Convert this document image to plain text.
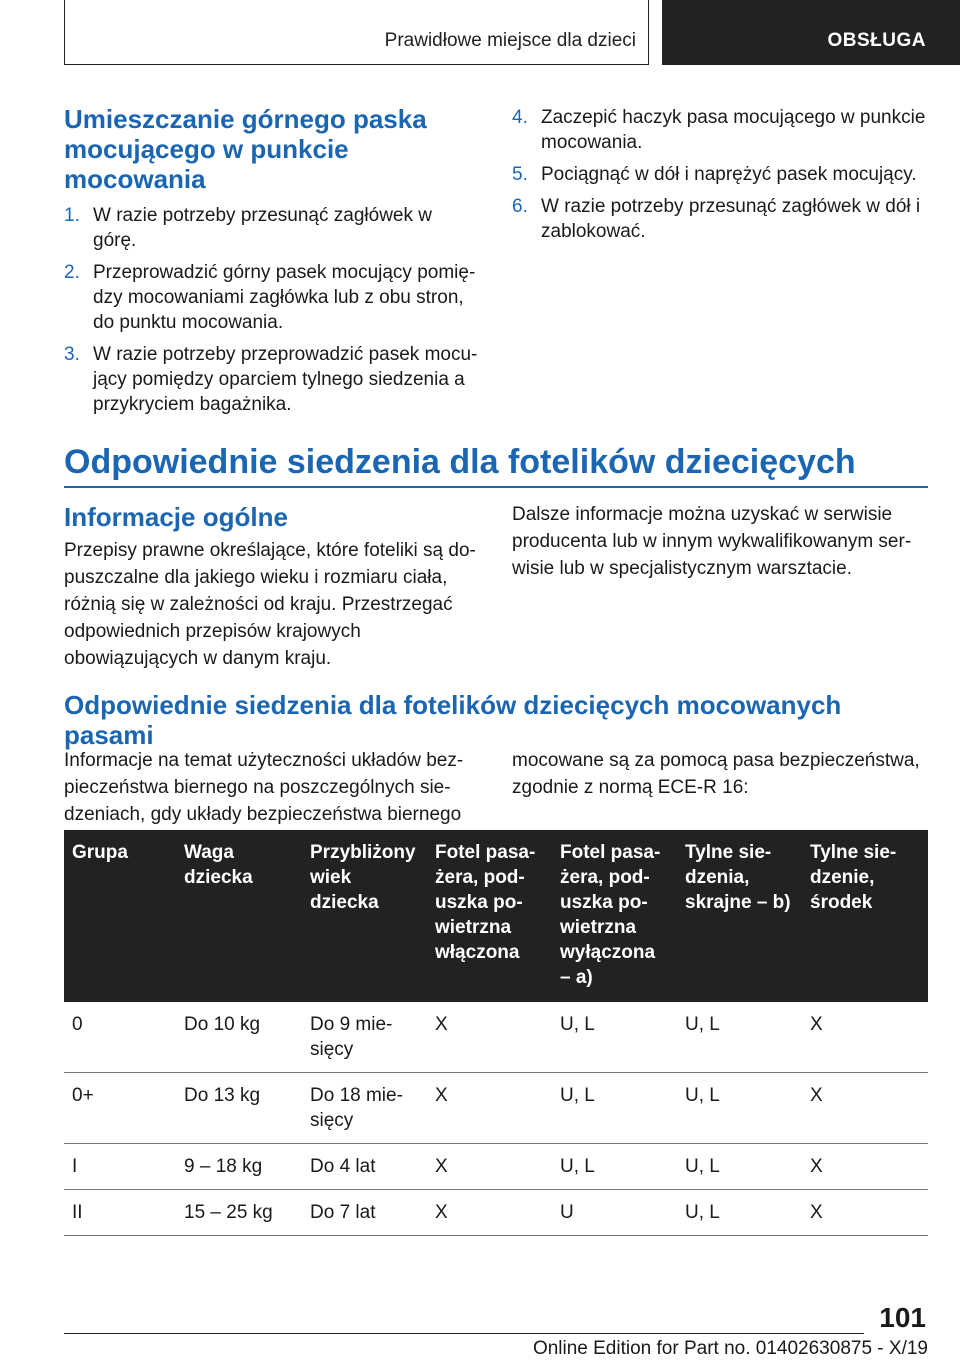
Prawidłowe miejsce dla dzieci	OBSŁUGA
Umieszczanie górnego paska mocującego w punkcie mocowania
1. W razie potrzeby przesunąć zagłówek w górę.
2. Przeprowadzić górny pasek mocujący pomiędzy mocowaniami zagłówka lub z obu stron, do punktu mocowania.
3. W razie potrzeby przeprowadzić pasek mocujący pomiędzy oparciem tylnego siedzenia a przykryciem bagażnika.
4. Zaczepić haczyk pasa mocującego w punkcie mocowania.
5. Pociągnąć w dół i naprężyć pasek mocujący.
6. W razie potrzeby przesunąć zagłówek w dół i zablokować.
Odpowiednie siedzenia dla fotelików dziecięcych
Informacje ogólne

Przepisy prawne określające, które foteliki są dopuszczalne dla jakiego wieku i rozmiaru ciała, różnią się w zależności od kraju. Przestrzegać odpowiednich przepisów krajowych obowiązujących w danym kraju.

Dalsze informacje można uzyskać w serwisie producenta lub w innym wykwalifikowanym serwisie lub w specjalistycznym warsztacie.

Odpowiednie siedzenia dla fotelików dziecięcych mocowanych pasami

Informacje na temat użyteczności układów bezpieczeństwa biernego na poszczególnych siedzeniach, gdy układy bezpieczeństwa biernego

mocowane są za pomocą pasa bezpieczeństwa, zgodnie z normą ECE-R 16:

Grupa	Waga dziecka	Przybliżony wiek dziecka	Fotel pasażera, poduszka powietrzna włączona	Fotel pasażera, poduszka powietrzna wyłączona – a)	Tylne siedzenia, skrajne – b)	Tylne siedzenie, środek
0	Do 10 kg	Do 9 miesięcy	X	U, L	U, L	X
0+	Do 13 kg	Do 18 miesięcy	X	U, L	U, L	X
I	9 – 18 kg	Do 4 lat	X	U, L	U, L	X
II	15 – 25 kg	Do 7 lat	X	U	U, L	X
101
Online Edition for Part no. 01402630875 - X/19
